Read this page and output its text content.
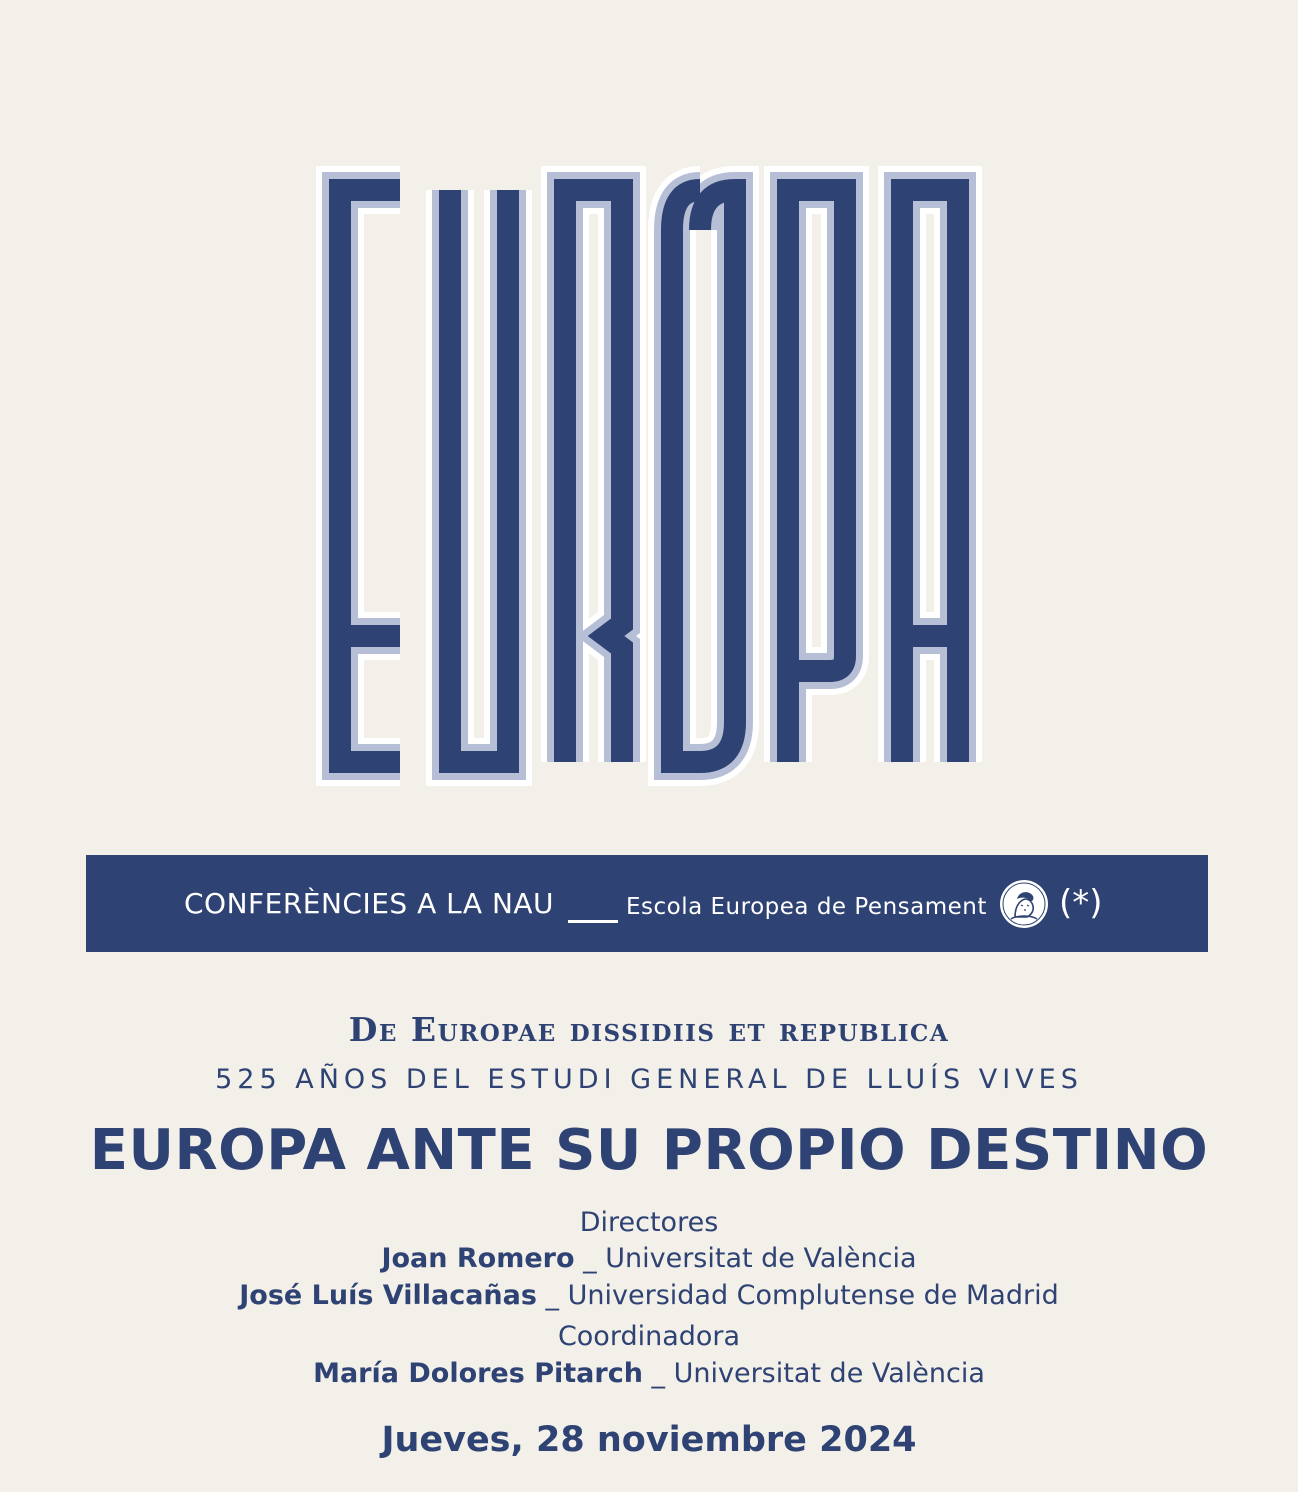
CONFERÈNCIES A LA NAU	Escola Europea de Pensament (*)
De Europae dissidiis et republica
525 AÑOS DEL ESTUDI GENERAL DE LLUÍS VIVES
EUROPA ANTE SU PROPIO DESTINO
Directores
Joan Romero _ Universitat de València
José Luís Villacañas _ Universidad Complutense de Madrid
Coordinadora
María Dolores Pitarch _ Universitat de València
Jueves, 28 noviembre 2024
